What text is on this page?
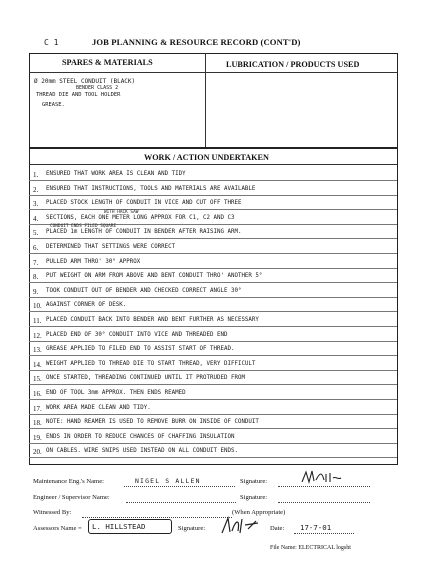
C 1	JOB PLANNING & RESOURCE RECORD (CONT'D)
SPARES & MATERIALS	LUBRICATION / PRODUCTS USED
Ø 20mm STEEL CONDUIT (BLACK)
BENDER CLASS 2
THREAD DIE AND TOOL HOLDER
GREASE.
WORK / ACTION UNDERTAKEN
1. ENSURED THAT WORK AREA IS CLEAN AND TIDY
2. ENSURED THAT INSTRUCTIONS, TOOLS AND MATERIALS ARE AVAILABLE
3. PLACED STOCK LENGTH OF CONDUIT IN VICE AND CUT OFF THREE
WITH HACK SAW
4. SECTIONS, EACH ONE METER LONG APPROX FOR C1, C2 AND C3
CONDUIT ENDS FILED SQUARE
5. PLACED 1m LENGTH OF CONDUIT IN BENDER AFTER RAISING ARM.
6. DETERMINED THAT SETTINGS WERE CORRECT
7. PULLED ARM THRO' 30° APPROX
8. PUT WEIGHT ON ARM FROM ABOVE AND BENT CONDUIT THRO' ANOTHER 5°
9. TOOK CONDUIT OUT OF BENDER AND CHECKED CORRECT ANGLE 30°
10. AGAINST CORNER OF DESK.
11. PLACED CONDUIT BACK INTO BENDER AND BENT FURTHER AS NECESSARY
12. PLACED END OF 30° CONDUIT INTO VICE AND THREADED END
13. GREASE APPLIED TO FILED END TO ASSIST START OF THREAD.
14. WEIGHT APPLIED TO THREAD DIE TO START THREAD, VERY DIFFICULT
15. ONCE STARTED, THREADING CONTINUED UNTIL IT PROTRUDED FROM
16. END OF TOOL 3mm APPROX. THEN ENDS REAMED
17. WORK AREA MADE CLEAN AND TIDY.
18. NOTE: HAND REAMER IS USED TO REMOVE BURR ON INSIDE OF CONDUIT
19. ENDS IN ORDER TO REDUCE CHANCES OF CHAFFING INSULATION
20. ON CABLES. WIRE SNIPS USED INSTEAD ON ALL CONDUIT ENDS.
Maintenance Eng.'s Name:	NIGEL S ALLEN	Signature:
Engineer / Supervisor Name:	Signature:
Witnessed By:	(When Appropriate)
Assessors Name = L. HILLSTEAD	Signature:	Date: 17-7-01
File Name: ELECTRICAL logsht
